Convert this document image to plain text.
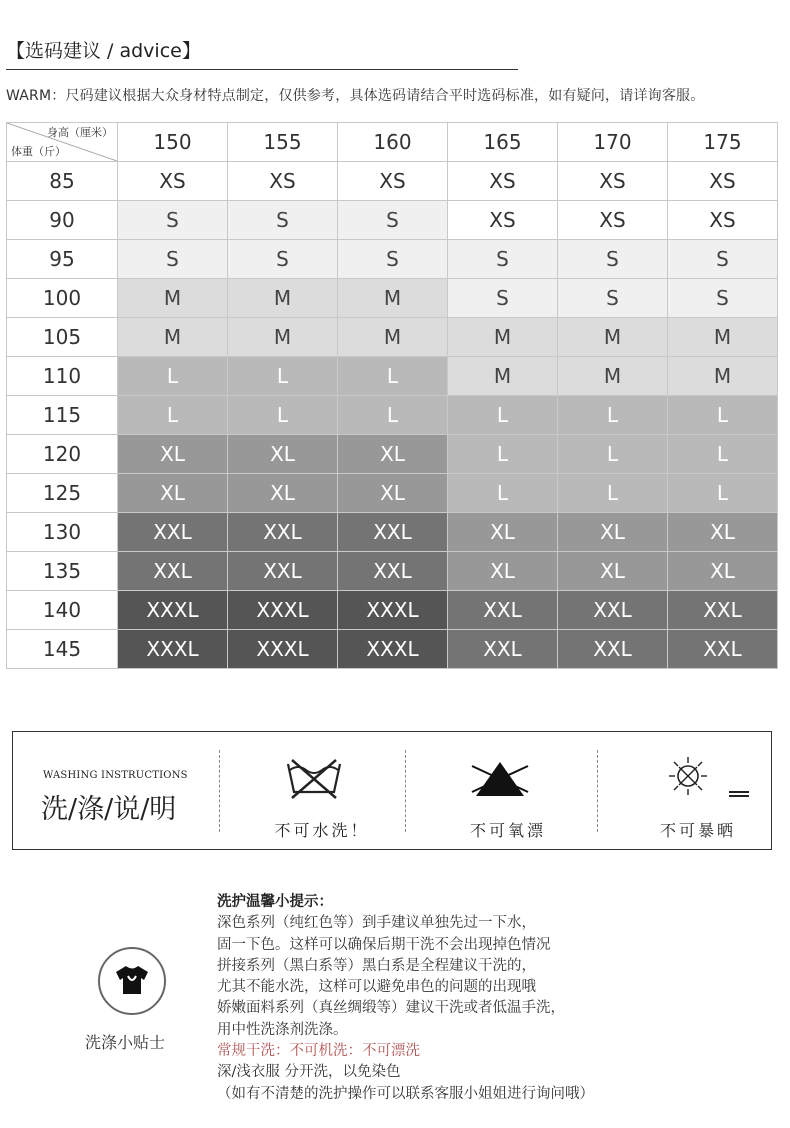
【选码建议 / advice】
WARM：尺码建议根据大众身材特点制定，仅供参考，具体选码请结合平时选码标准，如有疑问，请详询客服。
身高（厘米）
体重（斤）	150	155	160	165	170	175
85	XS	XS	XS	XS	XS	XS
90	S	S	S	XS	XS	XS
95	S	S	S	S	S	S
100	M	M	M	S	S	S
105	M	M	M	M	M	M
110	L	L	L	M	M	M
115	L	L	L	L	L	L
120	XL	XL	XL	L	L	L
125	XL	XL	XL	L	L	L
130	XXL	XXL	XXL	XL	XL	XL
135	XXL	XXL	XXL	XL	XL	XL
140	XXXL	XXXL	XXXL	XXL	XXL	XXL
145	XXXL	XXXL	XXXL	XXL	XXL	XXL
WASHING INSTRUCTIONS
洗/涤/说/明
不可水洗！	不可氧漂	不可暴晒
洗涤小贴士
洗护温馨小提示：
深色系列（纯红色等）到手建议单独先过一下水，
固一下色。这样可以确保后期干洗不会出现掉色情况
拼接系列（黑白系等）黑白系是全程建议干洗的，
尤其不能水洗，这样可以避免串色的问题的出现哦
娇嫩面料系列（真丝绸缎等）建议干洗或者低温手洗，
用中性洗涤剂洗涤。
常规干洗：不可机洗：不可漂洗
深/浅衣服 分开洗，以免染色
（如有不清楚的洗护操作可以联系客服小姐姐进行询问哦）
